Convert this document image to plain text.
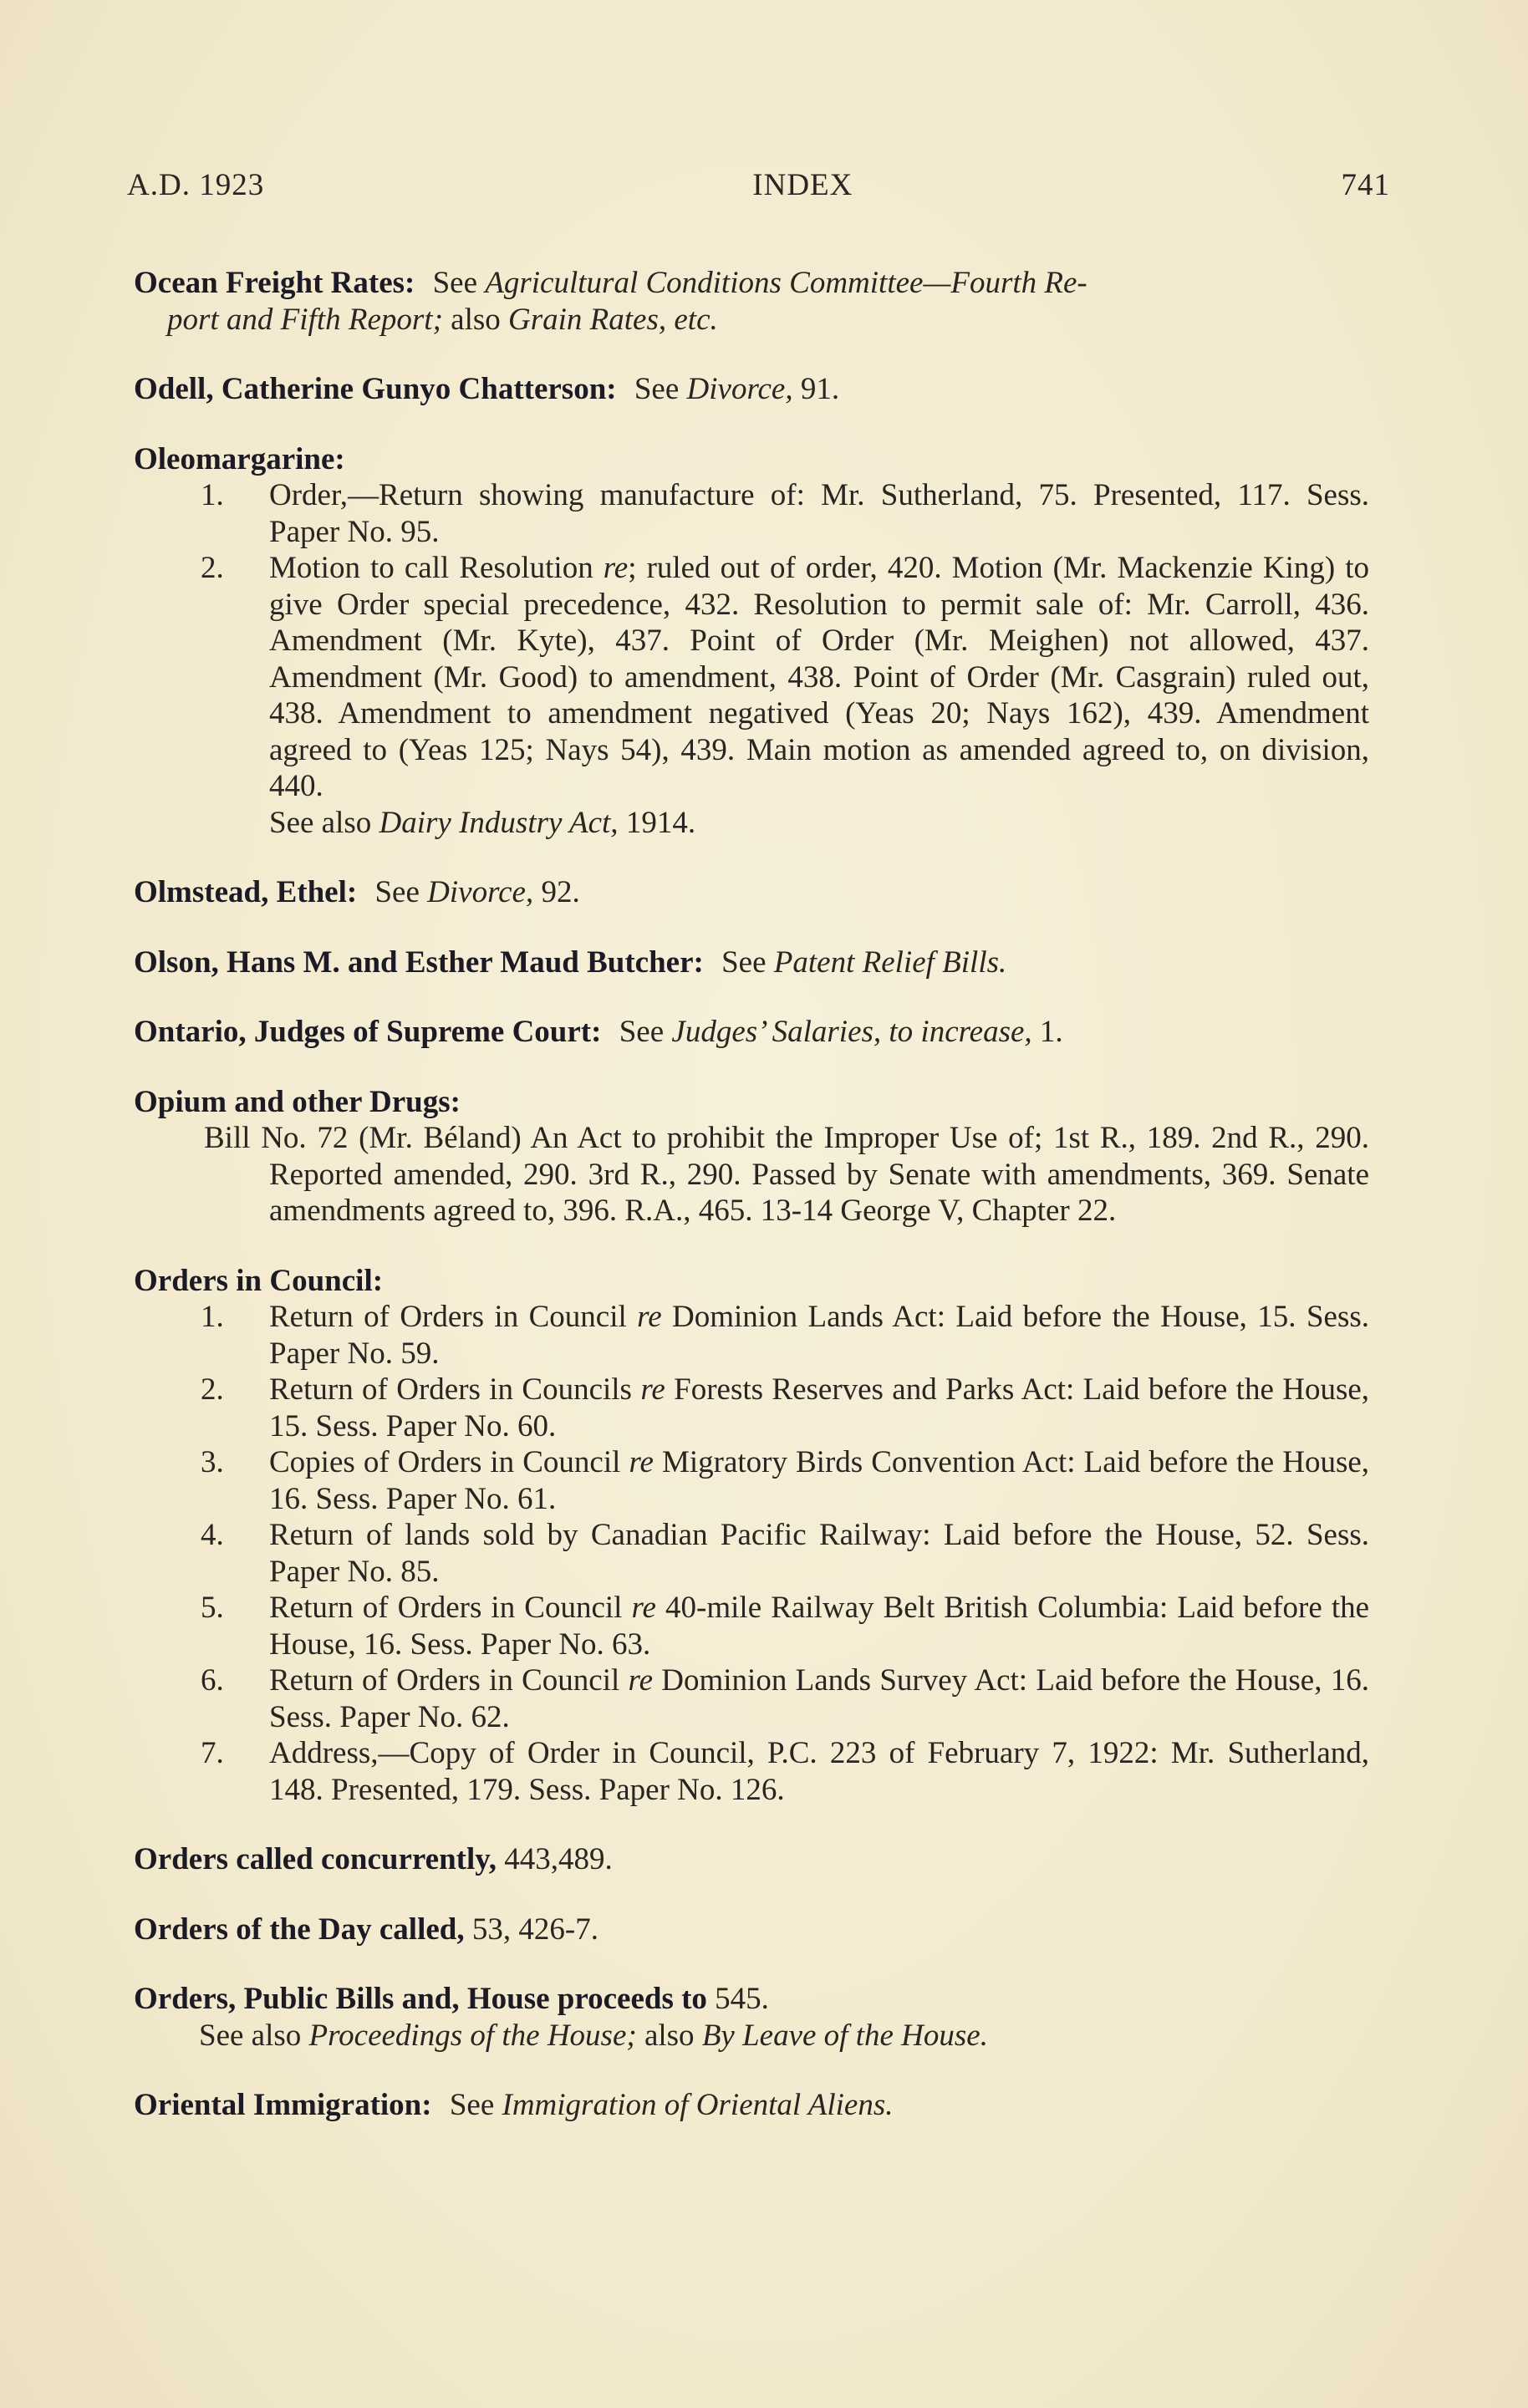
A.D. 1923	INDEX	741
Ocean Freight Rates: See Agricultural Conditions Committee—Fourth Re-
port and Fifth Report; also Grain Rates, etc.
Odell, Catherine Gunyo Chatterson: See Divorce, 91.
Oleomargarine:
1.	Order,—Return showing manufacture of: Mr. Sutherland, 75. Presented, 117. Sess. Paper No. 95.
2.	Motion to call Resolution re; ruled out of order, 420. Motion (Mr. Mackenzie King) to give Order special precedence, 432. Resolution to permit sale of: Mr. Carroll, 436. Amendment (Mr. Kyte), 437. Point of Order (Mr. Meighen) not allowed, 437. Amendment (Mr. Good) to amendment, 438. Point of Order (Mr. Casgrain) ruled out, 438. Amendment to amendment negatived (Yeas 20; Nays 162), 439. Amendment agreed to (Yeas 125; Nays 54), 439. Main motion as amended agreed to, on division, 440.
See also Dairy Industry Act, 1914.
Olmstead, Ethel: See Divorce, 92.
Olson, Hans M. and Esther Maud Butcher: See Patent Relief Bills.
Ontario, Judges of Supreme Court: See Judges’ Salaries, to increase, 1.
Opium and other Drugs:
Bill No. 72 (Mr. Béland) An Act to prohibit the Improper Use of; 1st R., 189. 2nd R., 290. Reported amended, 290. 3rd R., 290. Passed by Senate with amendments, 369. Senate amendments agreed to, 396. R.A., 465. 13-14 George V, Chapter 22.
Orders in Council:
1.	Return of Orders in Council re Dominion Lands Act: Laid before the House, 15. Sess. Paper No. 59.
2.	Return of Orders in Councils re Forests Reserves and Parks Act: Laid before the House, 15. Sess. Paper No. 60.
3.	Copies of Orders in Council re Migratory Birds Convention Act: Laid before the House, 16. Sess. Paper No. 61.
4.	Return of lands sold by Canadian Pacific Railway: Laid before the House, 52. Sess. Paper No. 85.
5.	Return of Orders in Council re 40-mile Railway Belt British Columbia: Laid before the House, 16. Sess. Paper No. 63.
6.	Return of Orders in Council re Dominion Lands Survey Act: Laid before the House, 16. Sess. Paper No. 62.
7.	Address,—Copy of Order in Council, P.C. 223 of February 7, 1922: Mr. Sutherland, 148. Presented, 179. Sess. Paper No. 126.
Orders called concurrently, 443,489.
Orders of the Day called, 53, 426-7.
Orders, Public Bills and, House proceeds to 545.
See also Proceedings of the House; also By Leave of the House.
Oriental Immigration: See Immigration of Oriental Aliens.
